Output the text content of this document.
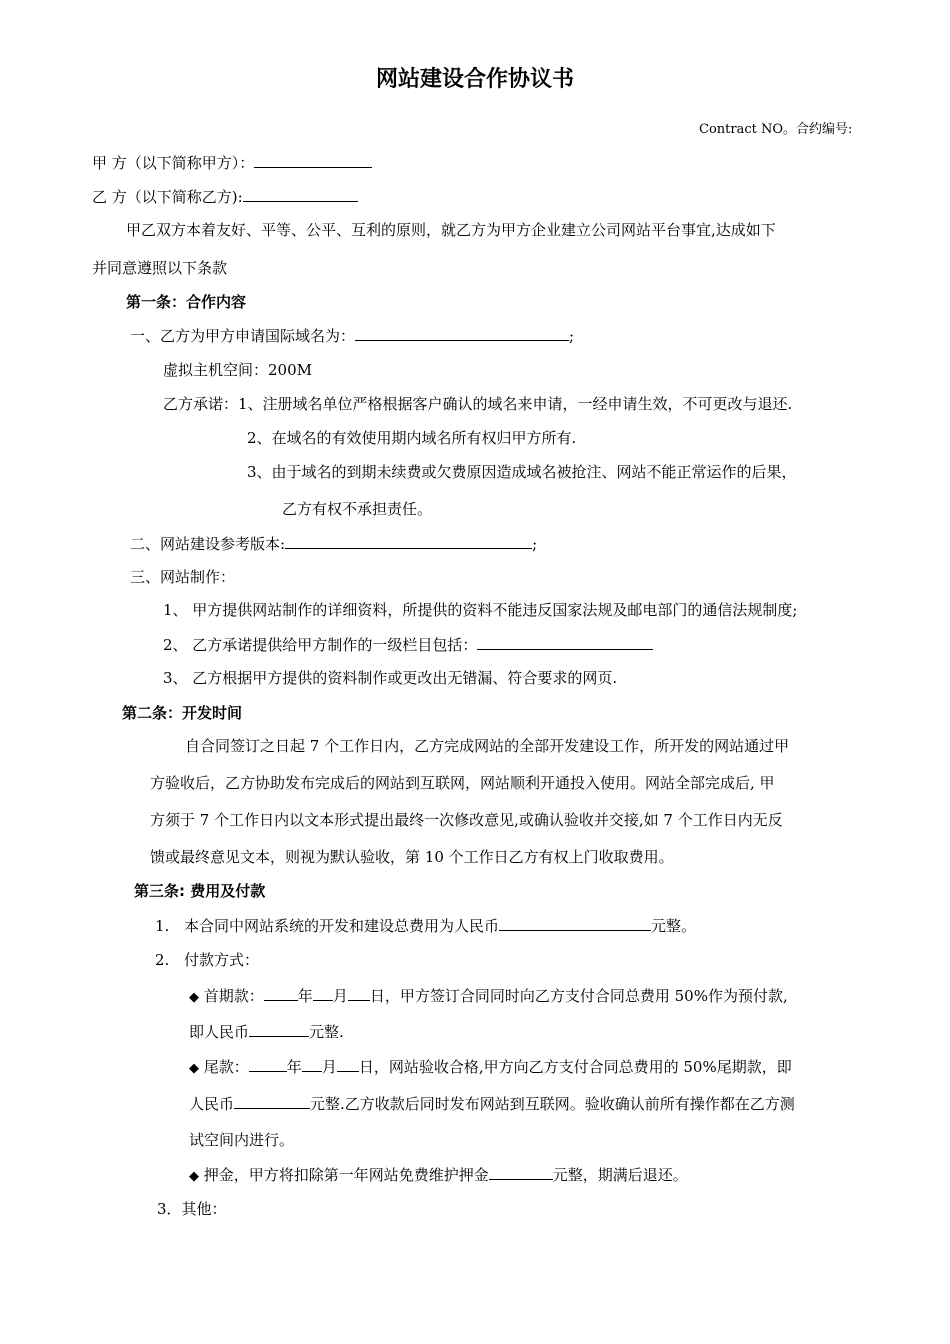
网站建设合作协议书
Contract NO。合约编号:
甲 方（以下简称甲方）：
乙 方（以下简称乙方):
甲乙双方本着友好、平等、公平、互利的原则，就乙方为甲方企业建立公司网站平台事宜,达成如下
并同意遵照以下条款
第一条：合作内容
一、乙方为甲方申请国际域名为：	;
虚拟主机空间：200M
乙方承诺：1、注册域名单位严格根据客户确认的域名来申请，一经申请生效，不可更改与退还.
2、在域名的有效使用期内域名所有权归甲方所有.
3、由于域名的到期未续费或欠费原因造成域名被抢注、网站不能正常运作的后果，
乙方有权不承担责任。
二、网站建设参考版本:	;
三、网站制作：
1、 甲方提供网站制作的详细资料，所提供的资料不能违反国家法规及邮电部门的通信法规制度;
2、 乙方承诺提供给甲方制作的一级栏目包括：
3、 乙方根据甲方提供的资料制作或更改出无错漏、符合要求的网页.
第二条：开发时间
自合同签订之日起 7 个工作日内，乙方完成网站的全部开发建设工作，所开发的网站通过甲
方验收后，乙方协助发布完成后的网站到互联网，网站顺利开通投入使用。网站全部完成后, 甲
方须于 7 个工作日内以文本形式提出最终一次修改意见,或确认验收并交接,如 7 个工作日内无反
馈或最终意见文本，则视为默认验收，第 10 个工作日乙方有权上门收取费用。
第三条: 费用及付款
1. 本合同中网站系统的开发和建设总费用为人民币	元整。
2. 付款方式：
◆ 首期款： 年 月 日，甲方签订合同同时向乙方支付合同总费用 50%作为预付款,
即人民币	元整.
◆ 尾款：	年 月 日，网站验收合格,甲方向乙方支付合同总费用的 50%尾期款，即
人民币	元整.乙方收款后同时发布网站到互联网。验收确认前所有操作都在乙方测
试空间内进行。
◆ 押金，甲方将扣除第一年网站免费维护押金	元整，期满后退还。
3．其他：
